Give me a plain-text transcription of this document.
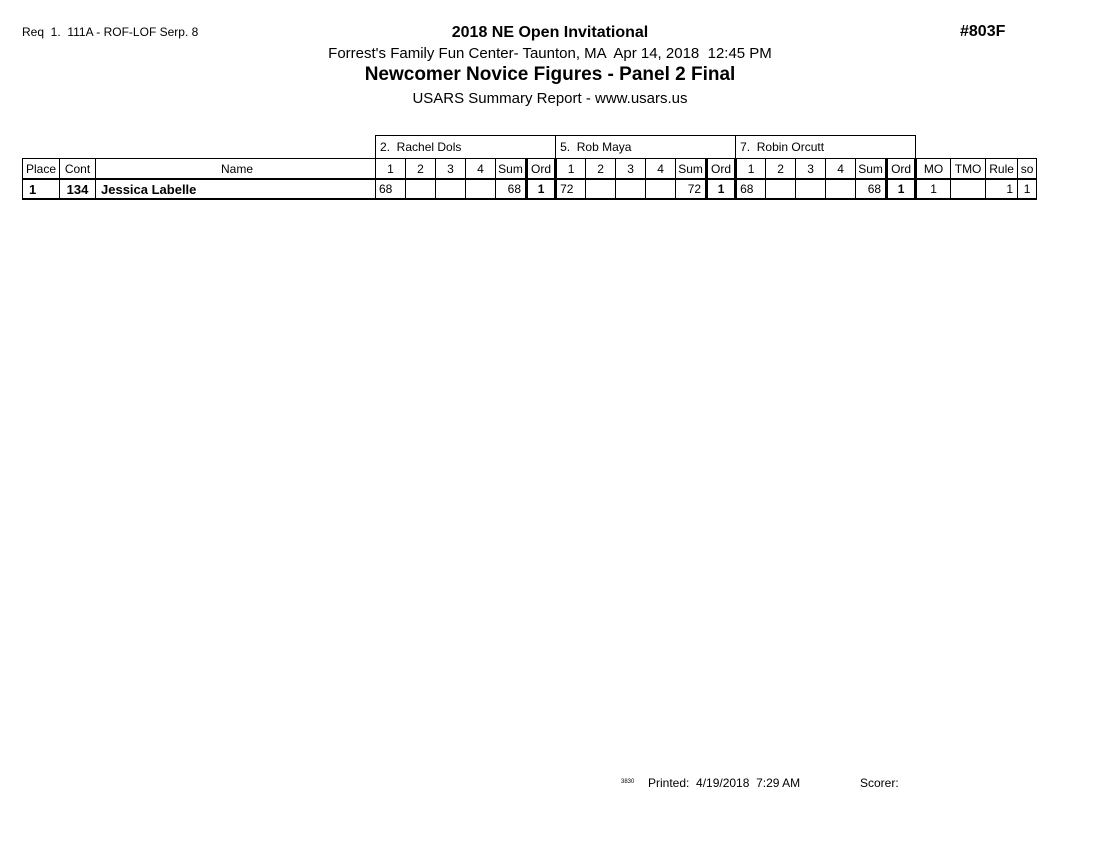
Req  1.  111A - ROF-LOF Serp. 8	#803F
2018 NE Open Invitational
Forrest's Family Fun Center- Taunton, MA  Apr 14, 2018  12:45 PM
Newcomer Novice Figures - Panel 2 Final
USARS Summary Report - www.usars.us
			2.  Rachel Dols						5.  Rob Maya						7.  Robin Orcutt									
Place	Cont	Name	1	2	3	4	Sum	Ord	1	2	3	4	Sum	Ord	1	2	3	4	Sum	Ord	MO	TMO	Rule	so
1	134	Jessica Labelle	68				68	1	72				72	1	68				68	1	1		1	1
3830 Printed:  4/19/2018  7:29 AM	Scorer:
